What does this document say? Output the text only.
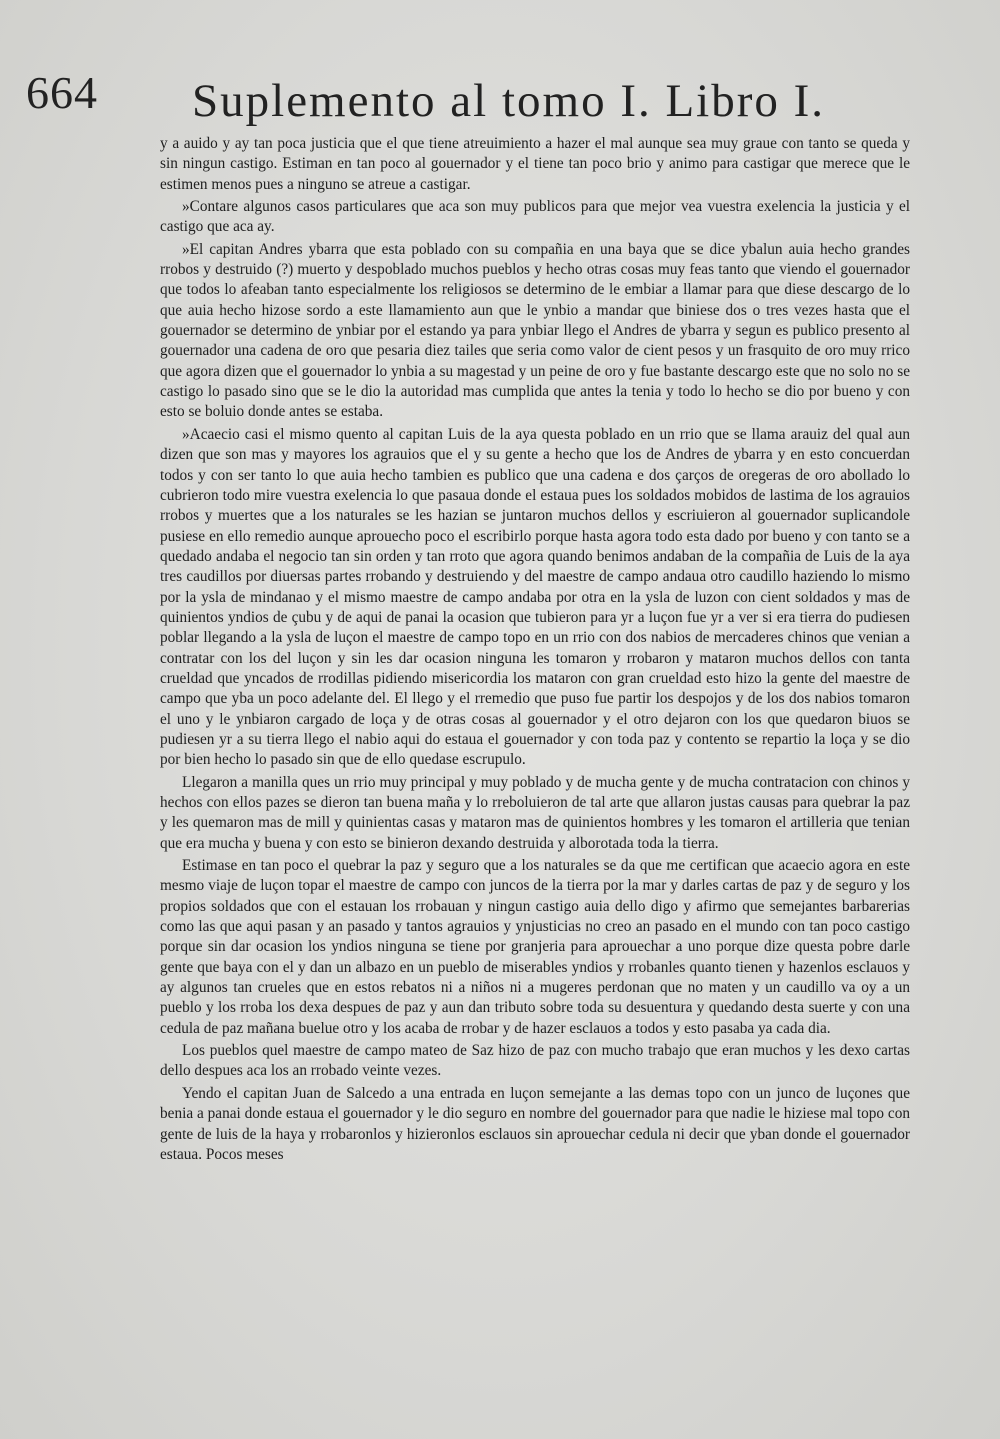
664 Suplemento al tomo I. Libro I.

y a auido y ay tan poca justicia que el que tiene atreuimiento a hazer el mal aunque sea muy graue con tanto se queda y sin ningun castigo. Estiman en tan poco al gouernador y el tiene tan poco brio y animo para castigar que merece que le estimen menos pues a ninguno se atreue a castigar.

»Contare algunos casos particulares que aca son muy publicos para que mejor vea vuestra exelencia la justicia y el castigo que aca ay.

»El capitan Andres ybarra que esta poblado con su compañia en una baya que se dice ybalun auia hecho grandes rrobos y destruido (?) muerto y despoblado muchos pueblos y hecho otras cosas muy feas tanto que viendo el gouernador que todos lo afeaban tanto especialmente los religiosos se determino de le embiar a llamar para que diese descargo de lo que auia hecho hizose sordo a este llamamiento aun que le ynbio a mandar que biniese dos o tres vezes hasta que el gouernador se determino de ynbiar por el estando ya para ynbiar llego el Andres de ybarra y segun es publico presento al gouernador una cadena de oro que pesaria diez tailes que seria como valor de cient pesos y un frasquito de oro muy rrico que agora dizen que el gouernador lo ynbia a su magestad y un peine de oro y fue bastante descargo este que no solo no se castigo lo pasado sino que se le dio la autoridad mas cumplida que antes la tenia y todo lo hecho se dio por bueno y con esto se boluio donde antes se estaba.

»Acaecio casi el mismo quento al capitan Luis de la aya questa poblado en un rrio que se llama arauiz del qual aun dizen que son mas y mayores los agrauios que el y su gente a hecho que los de Andres de ybarra y en esto concuerdan todos y con ser tanto lo que auia hecho tambien es publico que una cadena e dos çarços de oregeras de oro abollado lo cubrieron todo mire vuestra exelencia lo que pasaua donde el estaua pues los soldados mobidos de lastima de los agrauios rrobos y muertes que a los naturales se les hazian se juntaron muchos dellos y escriuieron al gouernador suplicandole pusiese en ello remedio aunque aprouecho poco el escribirlo porque hasta agora todo esta dado por bueno y con tanto se a quedado andaba el negocio tan sin orden y tan rroto que agora quando benimos andaban de la compañia de Luis de la aya tres caudillos por diuersas partes rrobando y destruiendo y del maestre de campo andaua otro caudillo haziendo lo mismo por la ysla de mindanao y el mismo maestre de campo andaba por otra en la ysla de luzon con cient soldados y mas de quinientos yndios de çubu y de aqui de panai la ocasion que tubieron para yr a luçon fue yr a ver si era tierra do pudiesen poblar llegando a la ysla de luçon el maestre de campo topo en un rrio con dos nabios de mercaderes chinos que venian a contratar con los del luçon y sin les dar ocasion ninguna les tomaron y rrobaron y mataron muchos dellos con tanta crueldad que yncados de rrodillas pidiendo misericordia los mataron con gran crueldad esto hizo la gente del maestre de campo que yba un poco adelante del. El llego y el rremedio que puso fue partir los despojos y de los dos nabios tomaron el uno y le ynbiaron cargado de loça y de otras cosas al gouernador y el otro dejaron con los que quedaron biuos se pudiesen yr a su tierra llego el nabio aqui do estaua el gouernador y con toda paz y contento se repartio la loça y se dio por bien hecho lo pasado sin que de ello quedase escrupulo.

Llegaron a manilla ques un rrio muy principal y muy poblado y de mucha gente y de mucha contratacion con chinos y hechos con ellos pazes se dieron tan buena maña y lo rreboluieron de tal arte que allaron justas causas para quebrar la paz y les quemaron mas de mill y quinientas casas y mataron mas de quinientos hombres y les tomaron el artilleria que tenian que era mucha y buena y con esto se binieron dexando destruida y alborotada toda la tierra.

Estimase en tan poco el quebrar la paz y seguro que a los naturales se da que me certifican que acaecio agora en este mesmo viaje de luçon topar el maestre de campo con juncos de la tierra por la mar y darles cartas de paz y de seguro y los propios soldados que con el estauan los rrobauan y ningun castigo auia dello digo y afirmo que semejantes barbarerias como las que aqui pasan y an pasado y tantos agrauios y ynjusticias no creo an pasado en el mundo con tan poco castigo porque sin dar ocasion los yndios ninguna se tiene por granjeria para aprouechar a uno porque dize questa pobre darle gente que baya con el y dan un albazo en un pueblo de miserables yndios y rrobanles quanto tienen y hazenlos esclauos y ay algunos tan crueles que en estos rebatos ni a niños ni a mugeres perdonan que no maten y un caudillo va oy a un pueblo y los rroba los dexa despues de paz y aun dan tributo sobre toda su desuentura y quedando desta suerte y con una cedula de paz mañana buelue otro y los acaba de rrobar y de hazer esclauos a todos y esto pasaba ya cada dia.

Los pueblos quel maestre de campo mateo de Saz hizo de paz con mucho trabajo que eran muchos y les dexo cartas dello despues aca los an rrobado veinte vezes.

Yendo el capitan Juan de Salcedo a una entrada en luçon semejante a las demas topo con un junco de luçones que benia a panai donde estaua el gouernador y le dio seguro en nombre del gouernador para que nadie le hiziese mal topo con gente de luis de la haya y rrobaronlos y hizieronlos esclauos sin aprouechar cedula ni decir que yban donde el gouernador estaua. Pocos meses
